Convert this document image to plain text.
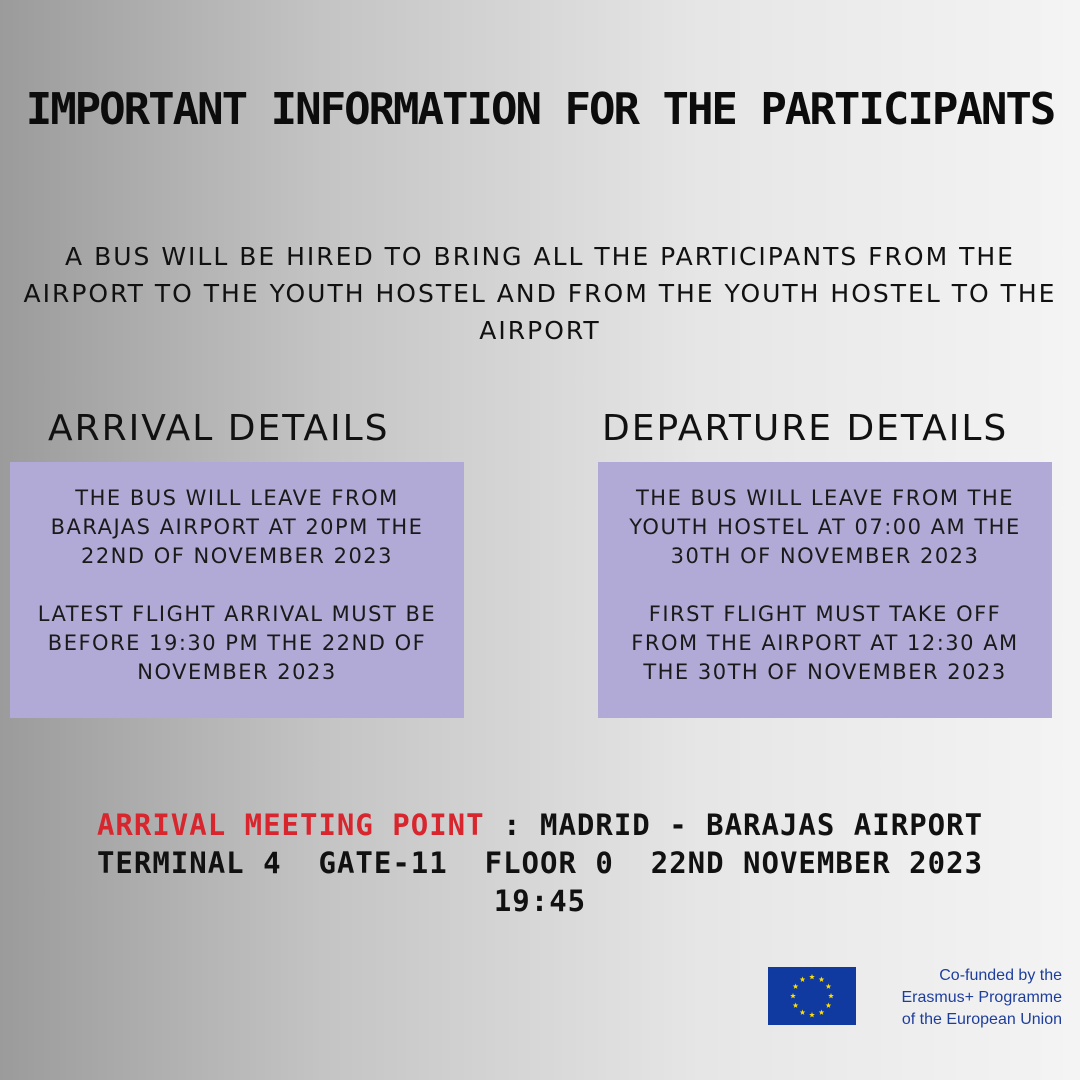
IMPORTANT INFORMATION FOR THE PARTICIPANTS
A BUS WILL BE HIRED TO BRING ALL THE PARTICIPANTS FROM THE AIRPORT TO THE YOUTH HOSTEL AND FROM THE YOUTH HOSTEL TO THE AIRPORT
ARRIVAL DETAILS	DEPARTURE DETAILS

THE BUS WILL LEAVE FROM BARAJAS AIRPORT AT 20PM THE 22ND OF NOVEMBER 2023

LATEST FLIGHT ARRIVAL MUST BE BEFORE 19:30 PM THE 22ND OF NOVEMBER 2023

THE BUS WILL LEAVE FROM THE YOUTH HOSTEL AT 07:00 AM THE 30TH OF NOVEMBER 2023

FIRST FLIGHT MUST TAKE OFF FROM THE AIRPORT AT 12:30 AM THE 30TH OF NOVEMBER 2023

ARRIVAL MEETING POINT : MADRID - BARAJAS AIRPORT
TERMINAL 4  GATE-11  FLOOR 0  22ND NOVEMBER 2023
19:45
Co-funded by the
Erasmus+ Programme
of the European Union
